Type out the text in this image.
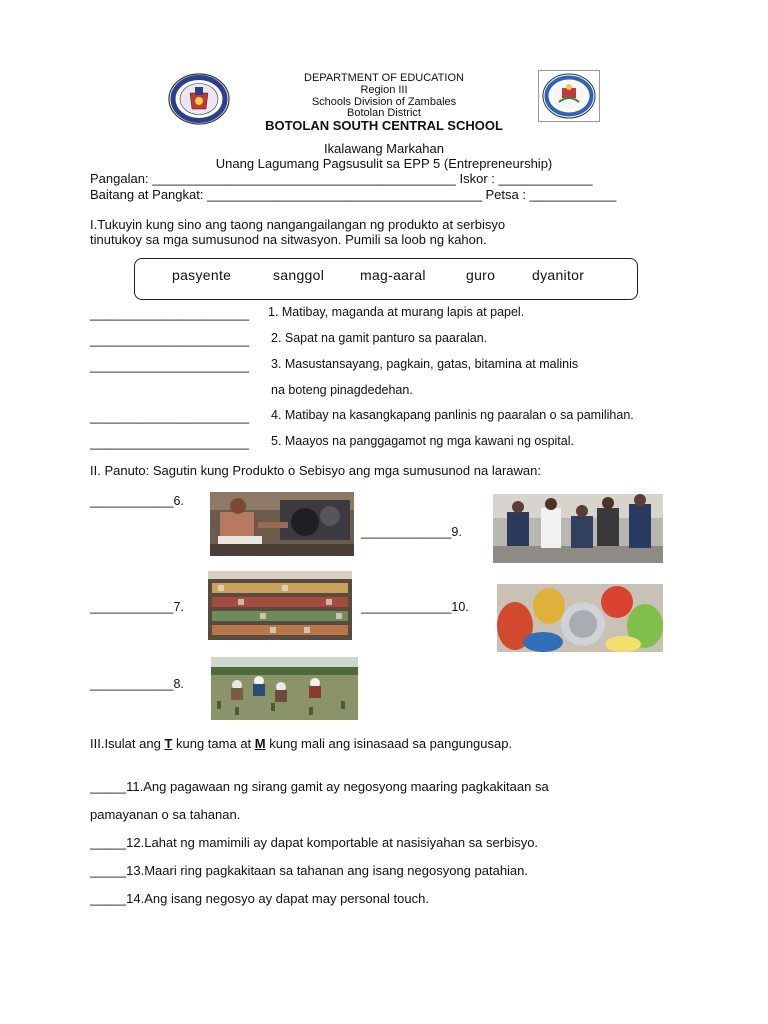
DEPARTMENT OF EDUCATION
Region III
Schools Division of Zambales
Botolan District
BOTOLAN SOUTH CENTRAL SCHOOL
Ikalawang Markahan
Unang Lagumang Pagsusulit sa EPP 5 (Entrepreneurship)
Pangalan: __________________________________________ Iskor : _____________
Baitang at Pangkat: ______________________________________ Petsa : ____________
I.Tukuyin kung sino ang taong nangangailangan ng produkto at serbisyo
tinutukoy sa mga sumusunod na sitwasyon. Pumili sa loob ng kahon.
pasyente	sanggol	mag-aaral	guro	dyanitor
______________________ 1. Matibay, maganda at murang lapis at papel.
______________________ 2. Sapat na gamit panturo sa paaralan.
______________________ 3. Masustansayang, pagkain, gatas, bitamina at malinis
na boteng pinagdedehan.
______________________ 4. Matibay na kasangkapang panlinis ng paaralan o sa pamilihan.
______________________ 5. Maayos na panggagamot ng mga kawani ng ospital.
II. Panuto: Sagutin kung Produkto o Sebisyo ang mga sumusunod na larawan:
____________6.
_____________9.
____________7.	_____________10.
____________8.
III.Isulat ang T kung tama at M kung mali ang isinasaad sa pangungusap.
_____11.Ang pagawaan ng sirang gamit ay negosyong maaring pagkakitaan sa
pamayanan o sa tahanan.
_____12.Lahat ng mamimili ay dapat komportable at nasisiyahan sa serbisyo.
_____13.Maari ring pagkakitaan sa tahanan ang isang negosyong patahian.
_____14.Ang isang negosyo ay dapat may personal touch.
